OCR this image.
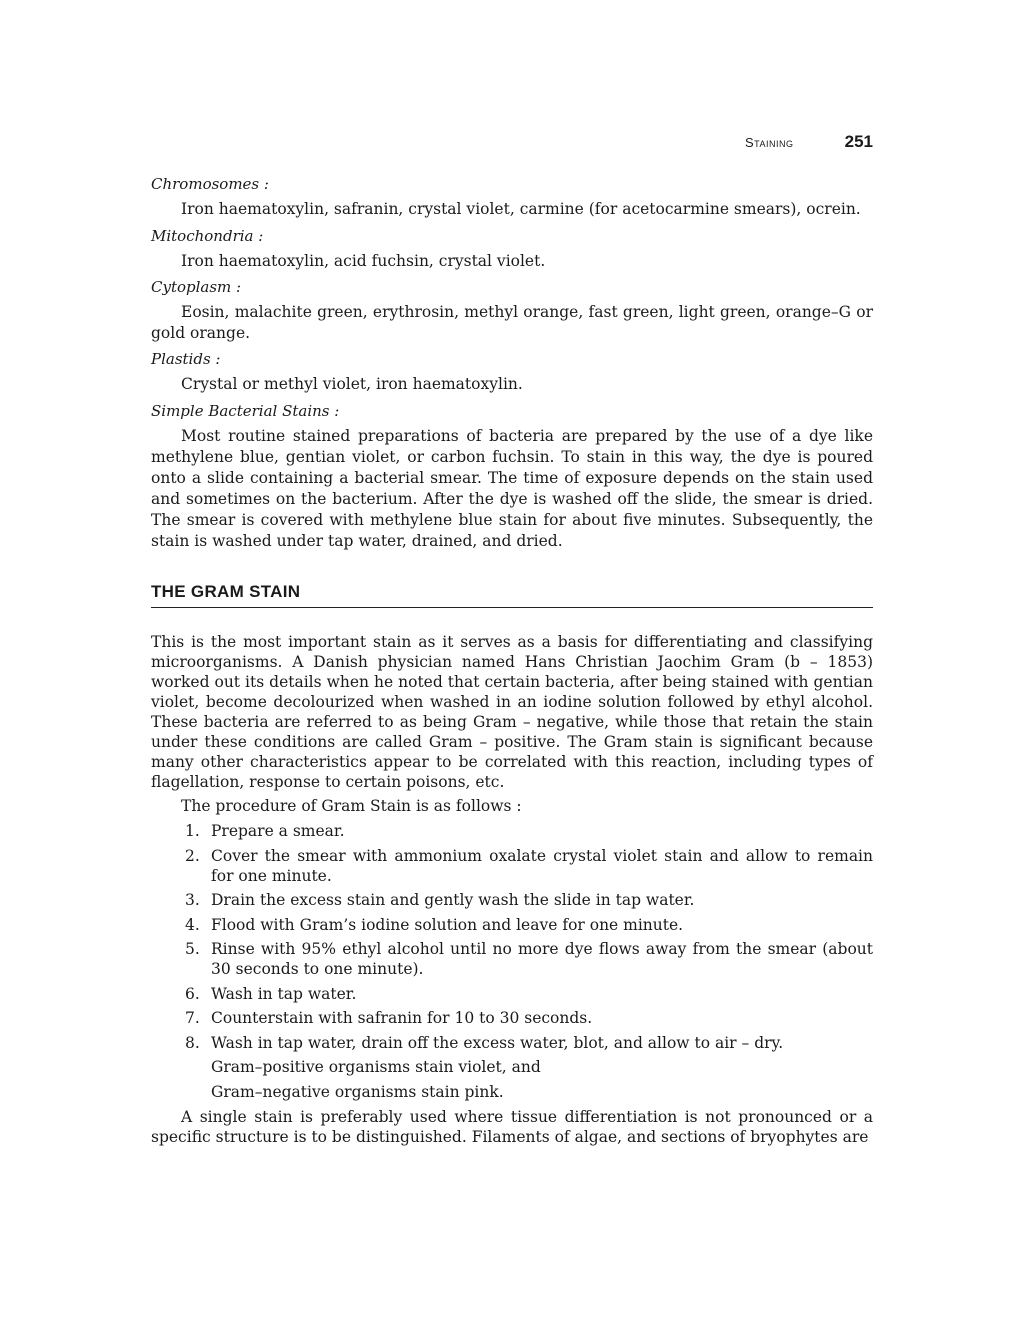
Staining	251

Chromosomes :

Iron haematoxylin, safranin, crystal violet, carmine (for acetocarmine smears), ocrein.

Mitochondria :

Iron haematoxylin, acid fuchsin, crystal violet.

Cytoplasm :

Eosin, malachite green, erythrosin, methyl orange, fast green, light green, orange–G or gold orange.

Plastids :

Crystal or methyl violet, iron haematoxylin.

Simple Bacterial Stains :

Most routine stained preparations of bacteria are prepared by the use of a dye like methylene blue, gentian violet, or carbon fuchsin. To stain in this way, the dye is poured onto a slide containing a bacterial smear. The time of exposure depends on the stain used and sometimes on the bacterium. After the dye is washed off the slide, the smear is dried. The smear is covered with methylene blue stain for about five minutes. Subsequently, the stain is washed under tap water, drained, and dried.

THE GRAM STAIN

This is the most important stain as it serves as a basis for differentiating and classifying microorganisms. A Danish physician named Hans Christian Jaochim Gram (b – 1853) worked out its details when he noted that certain bacteria, after being stained with gentian violet, become decolourized when washed in an iodine solution followed by ethyl alcohol. These bacteria are referred to as being Gram – negative, while those that retain the stain under these conditions are called Gram – positive. The Gram stain is significant because many other characteristics appear to be correlated with this reaction, including types of flagellation, response to certain poisons, etc.

The procedure of Gram Stain is as follows :

1. Prepare a smear.
2. Cover the smear with ammonium oxalate crystal violet stain and allow to remain for one minute.
3. Drain the excess stain and gently wash the slide in tap water.
4. Flood with Gram’s iodine solution and leave for one minute.
5. Rinse with 95% ethyl alcohol until no more dye flows away from the smear (about 30 seconds to one minute).
6. Wash in tap water.
7. Counterstain with safranin for 10 to 30 seconds.
8. Wash in tap water, drain off the excess water, blot, and allow to air – dry.

Gram–positive organisms stain violet, and

Gram–negative organisms stain pink.

A single stain is preferably used where tissue differentiation is not pronounced or a specific structure is to be distinguished. Filaments of algae, and sections of bryophytes are
